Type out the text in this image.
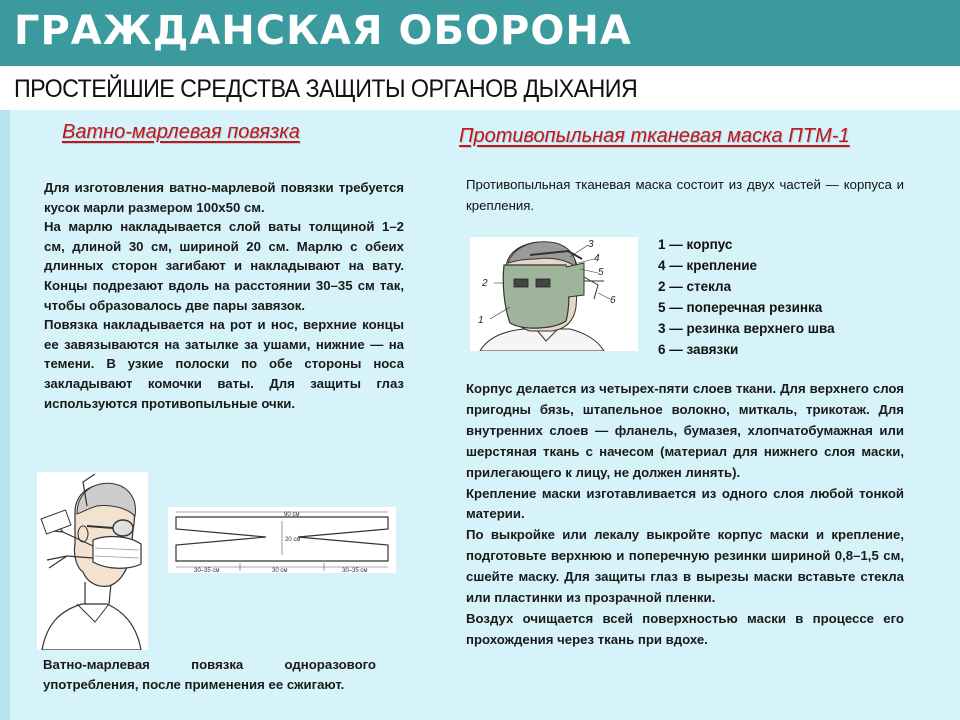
ГРАЖДАНСКАЯ ОБОРОНА
ПРОСТЕЙШИЕ СРЕДСТВА ЗАЩИТЫ ОРГАНОВ ДЫХАНИЯ
Ватно-марлевая повязка

Для изготовления ватно-марлевой повязки требуется кусок марли размером 100х50 см.

На марлю накладывается слой ваты толщиной 1–2 см, длиной 30 см, шириной 20 см. Марлю с обеих длинных сторон загибают и накладывают на вату. Концы подрезают вдоль на расстоянии 30–35 см так, чтобы образовалось две пары завязок.

Повязка накладывается на рот и нос, верхние концы ее завязываются на затылке за ушами, нижние — на темени. В узкие полоски по обе стороны носа закладывают комочки ваты. Для защиты глаз используются противопыльные очки.

90 см
20 см
30–35 см	30 см	30–35 см
Ватно-марлевая повязка одноразового употребления, после применения ее сжигают.
Противопыльная тканевая маска ПТМ-1
Противопыльная тканевая маска состоит из двух частей — корпуса и крепления.
3
4
5
2
6
1
1 — корпус
4 — крепление
2 — стекла
5 — поперечная резинка
3 — резинка верхнего шва
6 — завязки

Корпус делается из четырех-пяти слоев ткани. Для верхнего слоя пригодны бязь, штапельное волокно, миткаль, трикотаж. Для внутренних слоев — фланель, бумазея, хлопчатобумажная или шерстяная ткань с начесом (материал для нижнего слоя маски, прилегающего к лицу, не должен линять).

Крепление маски изготавливается из одного слоя любой тонкой материи.

По выкройке или лекалу выкройте корпус маски и крепление, подготовьте верхнюю и поперечную резинки шириной 0,8–1,5 см, сшейте маску. Для защиты глаз в вырезы маски вставьте стекла или пластинки из прозрачной пленки.

Воздух очищается всей поверхностью маски в процессе его прохождения через ткань при вдохе.
